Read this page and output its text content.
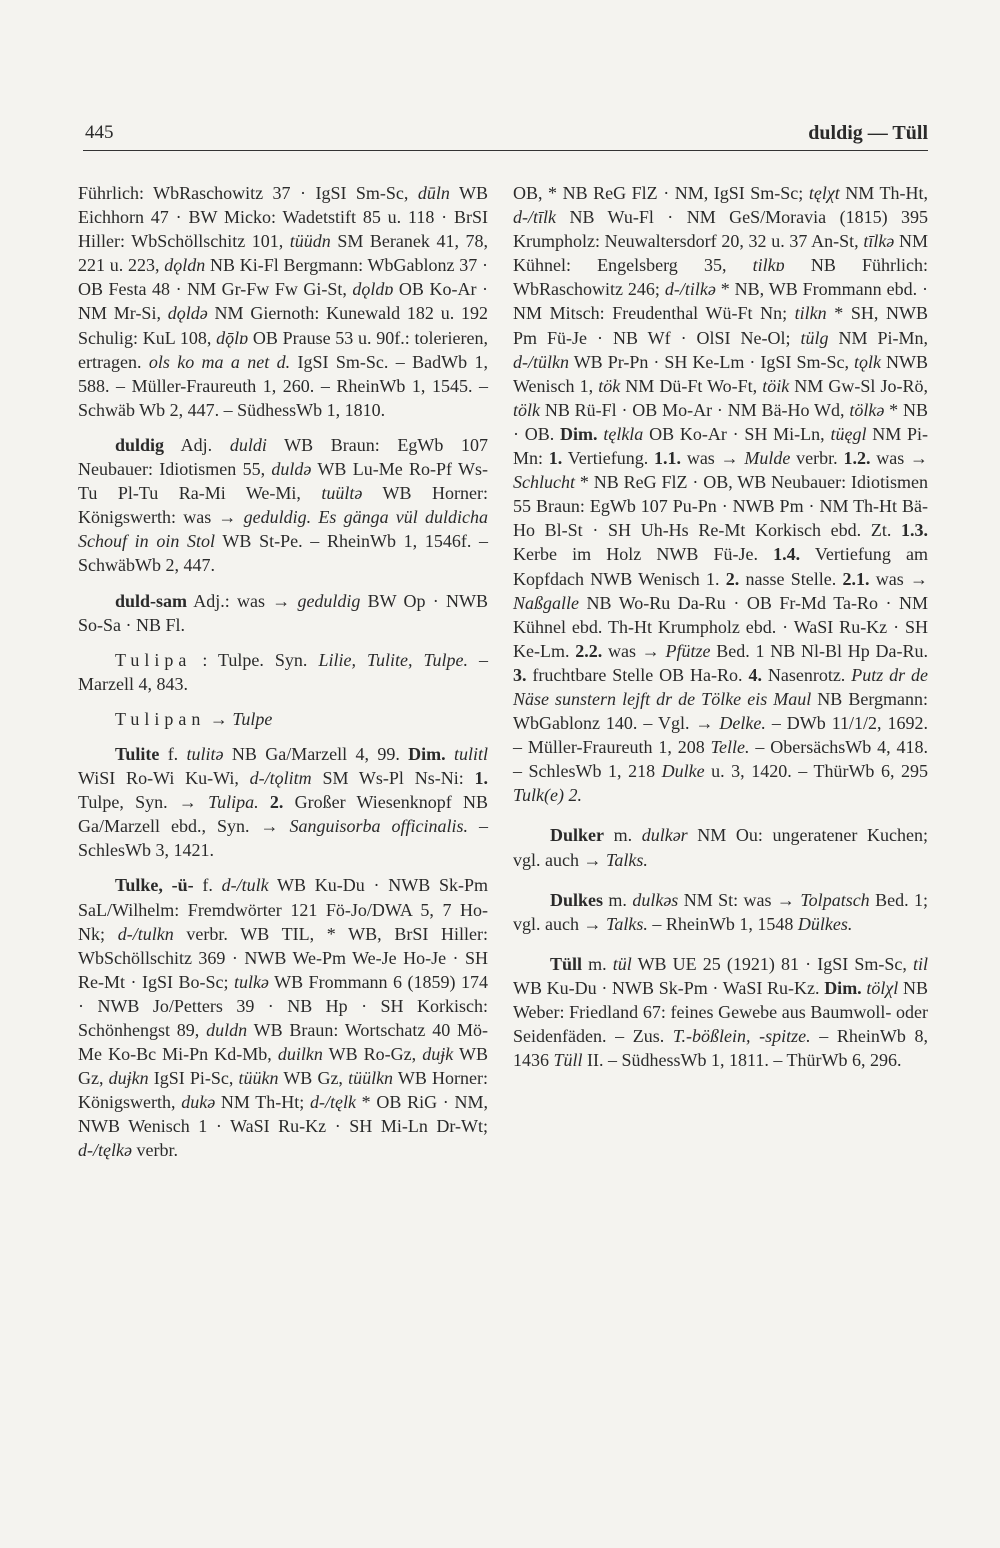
445	duldig — Tüll

Führlich: WbRaschowitz 37 · IgSI Sm-Sc, dūln WB Eichhorn 47 · BW Micko: Wadetstift 85 u. 118 · BrSI Hiller: WbSchöllschitz 101, tüüdn SM Beranek 41, 78, 221 u. 223, dǫldn NB Ki-Fl Bergmann: WbGablonz 37 · OB Festa 48 · NM Gr-Fw Fw Gi-St, dǫldɒ OB Ko-Ar · NM Mr-Si, dǫldə NM Giernoth: Kunewald 182 u. 192 Schulig: KuL 108, dǭlɒ OB Prause 53 u. 90f.: tolerieren, ertragen. ols ko ma a net d. IgSI Sm-Sc. – BadWb 1, 588. – Müller-Fraureuth 1, 260. – RheinWb 1, 1545. – Schwäb Wb 2, 447. – SüdhessWb 1, 1810.

duldig Adj. duldi WB Braun: EgWb 107 Neubauer: Idiotismen 55, duldə WB Lu-Me Ro-Pf Ws-Tu Pl-Tu Ra-Mi We-Mi, tuültə WB Horner: Königswerth: was → geduldig. Es gänga vül duldicha Schouf in oin Stol WB St-Pe. – RheinWb 1, 1546f. – SchwäbWb 2, 447.

duld-sam Adj.: was → geduldig BW Op · NWB So-Sa · NB Fl.

Tulipa : Tulpe. Syn. Lilie, Tulite, Tulpe. – Marzell 4, 843.

Tulipan → Tulpe

Tulite f. tulitə NB Ga/Marzell 4, 99. Dim. tulitl WiSI Ro-Wi Ku-Wi, d-/tǫlitm SM Ws-Pl Ns-Ni: 1. Tulpe, Syn. → Tulipa. 2. Großer Wiesenknopf NB Ga/Marzell ebd., Syn. → Sanguisorba officinalis. – SchlesWb 3, 1421.

Tulke, -ü- f. d-/tulk WB Ku-Du · NWB Sk-Pm SaL/Wilhelm: Fremdwörter 121 Fö-Jo/DWA 5, 7 Ho-Nk; d-/tulkn verbr. WB TIL, * WB, BrSI Hiller: WbSchöllschitz 369 · NWB We-Pm We-Je Ho-Je · SH Re-Mt · IgSI Bo-Sc; tulkə WB Frommann 6 (1859) 174 · NWB Jo/Petters 39 · NB Hp · SH Korkisch: Schönhengst 89, duldn WB Braun: Wortschatz 40 Mö-Me Ko-Bc Mi-Pn Kd-Mb, duilkn WB Ro-Gz, duɉk WB Gz, duɉkn IgSI Pi-Sc, tüükn WB Gz, tüülkn WB Horner: Königswerth, dukə NM Th-Ht; d-/tęlk * OB RiG · NM, NWB Wenisch 1 · WaSI Ru-Kz · SH Mi-Ln Dr-Wt; d-/tęlkə verbr.

OB, * NB ReG FlZ · NM, IgSI Sm-Sc; tęlχt NM Th-Ht, d-/tīlk NB Wu-Fl · NM GeS/Moravia (1815) 395 Krumpholz: Neuwaltersdorf 20, 32 u. 37 An-St, tīlkə NM Kühnel: Engelsberg 35, tilkɒ NB Führlich: WbRaschowitz 246; d-/tilkə * NB, WB Frommann ebd. · NM Mitsch: Freudenthal Wü-Ft Nn; tilkn * SH, NWB Pm Fü-Je · NB Wf · OlSI Ne-Ol; tülg NM Pi-Mn, d-/tülkn WB Pr-Pn · SH Ke-Lm · IgSI Sm-Sc, tǫlk NWB Wenisch 1, tök NM Dü-Ft Wo-Ft, töik NM Gw-Sl Jo-Rö, tölk NB Rü-Fl · OB Mo-Ar · NM Bä-Ho Wd, tölkə * NB · OB. Dim. tęlkla OB Ko-Ar · SH Mi-Ln, tüęgl NM Pi-Mn: 1. Vertiefung. 1.1. was → Mulde verbr. 1.2. was → Schlucht * NB ReG FlZ · OB, WB Neubauer: Idiotismen 55 Braun: EgWb 107 Pu-Pn · NWB Pm · NM Th-Ht Bä-Ho Bl-St · SH Uh-Hs Re-Mt Korkisch ebd. Zt. 1.3. Kerbe im Holz NWB Fü-Je. 1.4. Vertiefung am Kopfdach NWB Wenisch 1. 2. nasse Stelle. 2.1. was → Naßgalle NB Wo-Ru Da-Ru · OB Fr-Md Ta-Ro · NM Kühnel ebd. Th-Ht Krumpholz ebd. · WaSI Ru-Kz · SH Ke-Lm. 2.2. was → Pfütze Bed. 1 NB Nl-Bl Hp Da-Ru. 3. fruchtbare Stelle OB Ha-Ro. 4. Nasenrotz. Putz dr de Näse sunstern lejft dr de Tölke eis Maul NB Bergmann: WbGablonz 140. – Vgl. → Delke. – DWb 11/1/2, 1692. – Müller-Fraureuth 1, 208 Telle. – ObersächsWb 4, 418. – SchlesWb 1, 218 Dulke u. 3, 1420. – ThürWb 6, 295 Tulk(e) 2.

Dulker m. dulkər NM Ou: ungeratener Kuchen; vgl. auch → Talks.

Dulkes m. dulkəs NM St: was → Tolpatsch Bed. 1; vgl. auch → Talks. – RheinWb 1, 1548 Dülkes.

Tüll m. tül WB UE 25 (1921) 81 · IgSI Sm-Sc, til WB Ku-Du · NWB Sk-Pm · WaSI Ru-Kz. Dim. tölχl NB Weber: Friedland 67: feines Gewebe aus Baumwoll- oder Seidenfäden. – Zus. T.-bößlein, -spitze. – RheinWb 8, 1436 Tüll II. – SüdhessWb 1, 1811. – ThürWb 6, 296.
